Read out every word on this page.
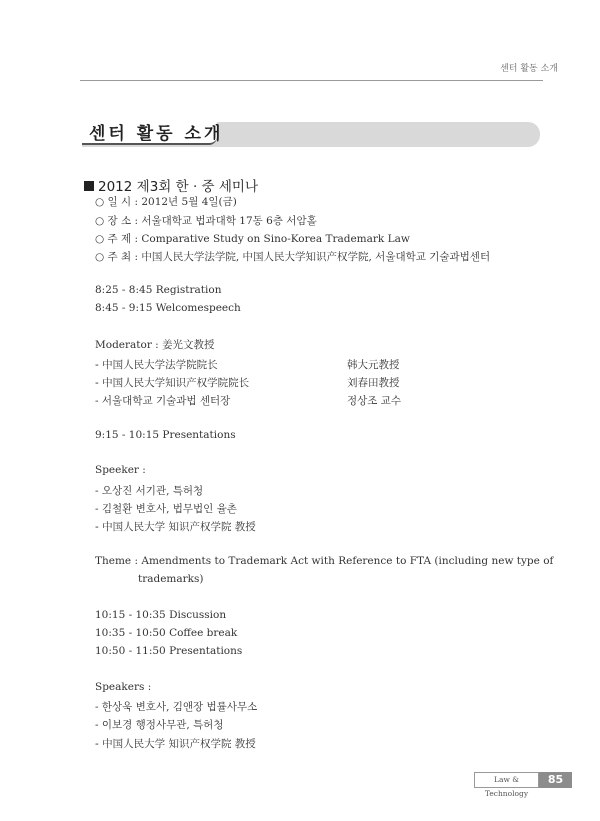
센터 활동 소개
센터 활동 소개
2012 제3회 한 · 중 세미나
○ 일 시 : 2012년 5월 4일(금)
○ 장 소 : 서울대학교 법과대학 17동 6층 서암홀
○ 주 제 : Comparative Study on Sino-Korea Trademark Law
○ 주 최 : 中国人民大学法学院, 中国人民大学知识产权学院, 서울대학교 기술과법센터
8:25 - 8:45 Registration
8:45 - 9:15 Welcomespeech
Moderator : 姜光文教授
- 中国人民大学法学院院长	韩大元教授
- 中国人民大学知识产权学院院长	刘春田教授
- 서울대학교 기술과법 센터장	정상조 교수
9:15 - 10:15 Presentations
Speeker :
- 오상진 서기관, 특허청
- 김철환 변호사, 법무법인 율촌
- 中国人民大学 知识产权学院 教授
Theme : Amendments to Trademark Act with Reference to FTA (including new type of
trademarks)
10:15 - 10:35 Discussion
10:35 - 10:50 Coffee break
10:50 - 11:50 Presentations
Speakers :
- 한상욱 변호사, 김앤장 법률사무소
- 이보경 행정사무관, 특허청
- 中国人民大学 知识产权学院 教授
Law & Technology
85
